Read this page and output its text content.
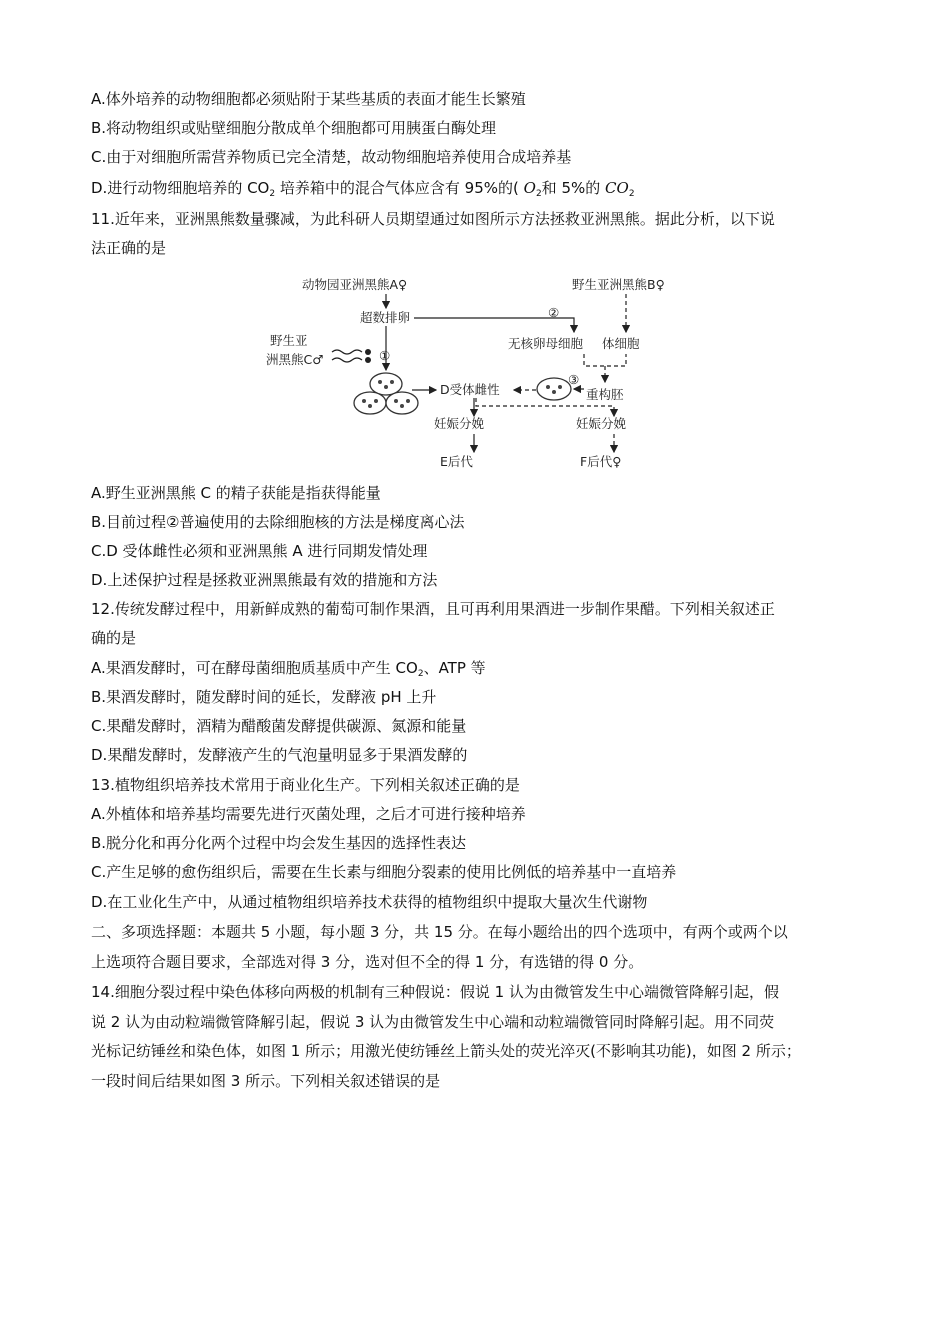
A.体外培养的动物细胞都必须贴附于某些基质的表面才能生长繁殖
B.将动物组织或贴壁细胞分散成单个细胞都可用胰蛋白酶处理
C.由于对细胞所需营养物质已完全清楚，故动物细胞培养使用合成培养基
D.进行动物细胞培养的 $CO_2$ 培养箱中的混合气体应含有 95%的( $O_2$和 5%的 $CO_2$
11.近年来，亚洲黑熊数量骤减，为此科研人员期望通过如图所示方法拯救亚洲黑熊。据此分析，以下说
法正确的是
动物园亚洲黑熊A♀
超数排卵
野生亚
洲黑熊C♂	①
D受体雌性
妊娠分娩
E后代
野生亚洲黑熊B♀
②
无核卵母细胞 体细胞
③
重构胚
妊娠分娩
F后代♀
A.野生亚洲黑熊 C 的精子获能是指获得能量
B.目前过程②普遍使用的去除细胞核的方法是梯度离心法
C.D 受体雌性必须和亚洲黑熊 A 进行同期发情处理
D.上述保护过程是拯救亚洲黑熊最有效的措施和方法
12.传统发酵过程中，用新鲜成熟的葡萄可制作果酒，且可再利用果酒进一步制作果醋。下列相关叙述正
确的是
A.果酒发酵时，可在酵母菌细胞质基质中产生 $CO_2$、ATP 等
B.果酒发酵时，随发酵时间的延长，发酵液 pH 上升
C.果醋发酵时，酒精为醋酸菌发酵提供碳源、氮源和能量
D.果醋发酵时，发酵液产生的气泡量明显多于果酒发酵的
13.植物组织培养技术常用于商业化生产。下列相关叙述正确的是
A.外植体和培养基均需要先进行灭菌处理，之后才可进行接种培养
B.脱分化和再分化两个过程中均会发生基因的选择性表达
C.产生足够的愈伤组织后，需要在生长素与细胞分裂素的使用比例低的培养基中一直培养
D.在工业化生产中，从通过植物组织培养技术获得的植物组织中提取大量次生代谢物
二、多项选择题：本题共 5 小题，每小题 3 分，共 15 分。在每小题给出的四个选项中，有两个或两个以
上选项符合题目要求，全部选对得 3 分，选对但不全的得 1 分，有选错的得 0 分。
14.细胞分裂过程中染色体移向两极的机制有三种假说：假说 1 认为由微管发生中心端微管降解引起，假
说 2 认为由动粒端微管降解引起，假说 3 认为由微管发生中心端和动粒端微管同时降解引起。用不同荧
光标记纺锤丝和染色体，如图 1 所示；用激光使纺锤丝上箭头处的荧光淬灭(不影响其功能)，如图 2 所示；
一段时间后结果如图 3 所示。下列相关叙述错误的是
